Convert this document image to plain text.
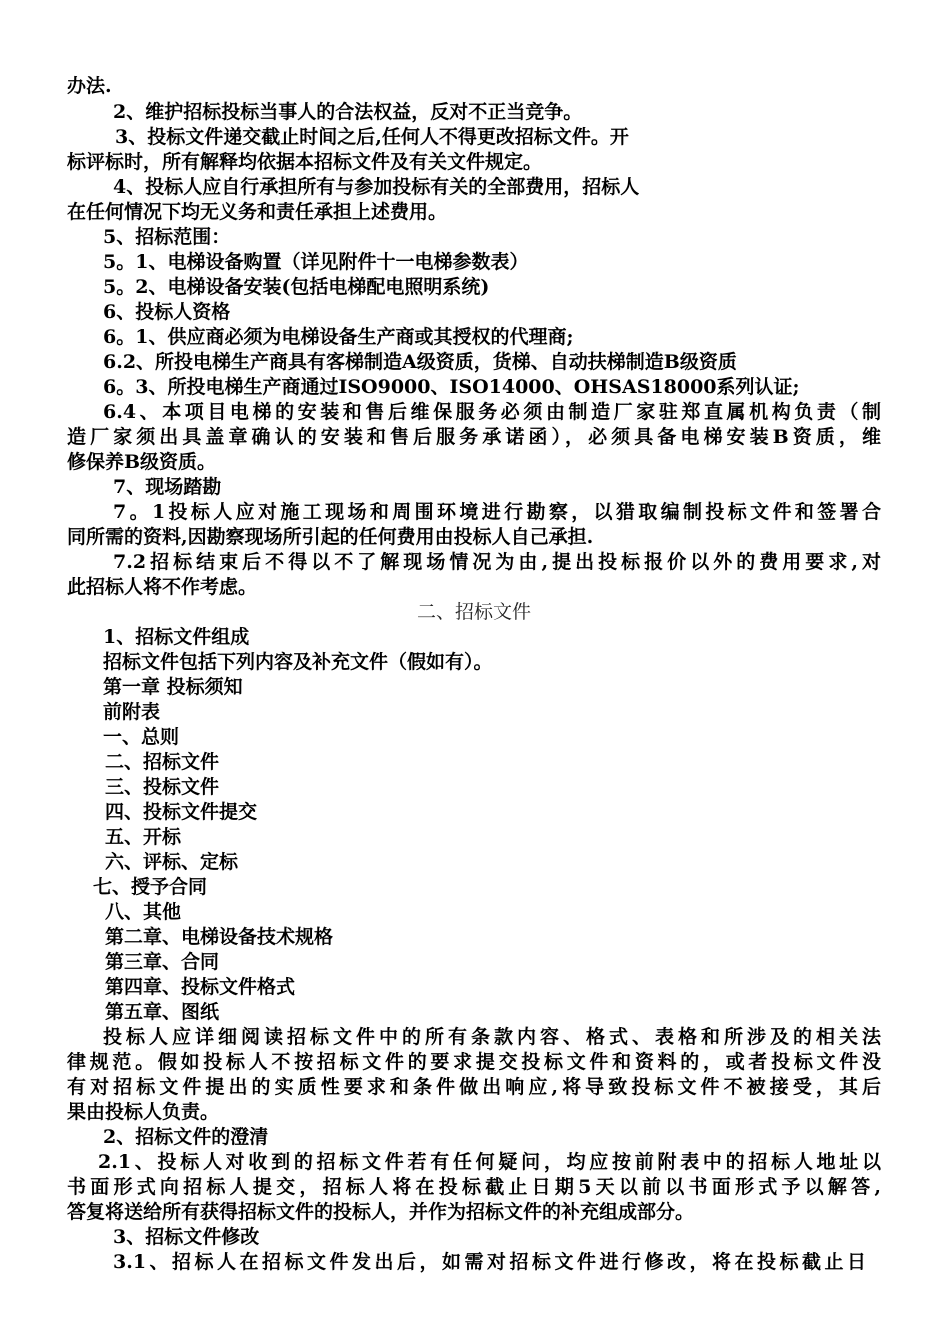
办法.
2、维护招标投标当事人的合法权益，反对不正当竞争。
3、投标文件递交截止时间之后,任何人不得更改招标文件。开
标评标时，所有解释均依据本招标文件及有关文件规定。
4、投标人应自行承担所有与参加投标有关的全部费用，招标人
在任何情况下均无义务和责任承担上述费用。
5、招标范围：
5。1、电梯设备购置（详见附件十一电梯参数表）
5。2、电梯设备安装(包括电梯配电照明系统)
6、投标人资格
6。1、供应商必须为电梯设备生产商或其授权的代理商;
6.2、所投电梯生产商具有客梯制造A级资质，货梯、自动扶梯制造B级资质
6。3、所投电梯生产商通过ISO9000、ISO14000、OHSAS18000系列认证;
6.4、本项目电梯的安装和售后维保服务必须由制造厂家驻郑直属机构负责（制
造厂家须出具盖章确认的安装和售后服务承诺函），必须具备电梯安装B资质，维
修保养B级资质。
7、现场踏勘
7。1投标人应对施工现场和周围环境进行勘察，以猎取编制投标文件和签署合
同所需的资料,因勘察现场所引起的任何费用由投标人自己承担.
7.2招标结束后不得以不了解现场情况为由,提出投标报价以外的费用要求,对
此招标人将不作考虑。
二、招标文件
1、招标文件组成
招标文件包括下列内容及补充文件（假如有）。
第一章 投标须知
前附表
一、总则
二、招标文件
三、投标文件
四、投标文件提交
五、开标
六、评标、定标
七、授予合同
八、其他
第二章、电梯设备技术规格
第三章、合同
第四章、投标文件格式
第五章、图纸
投标人应详细阅读招标文件中的所有条款内容、格式、表格和所涉及的相关法
律规范。假如投标人不按招标文件的要求提交投标文件和资料的，或者投标文件没
有对招标文件提出的实质性要求和条件做出响应,将导致投标文件不被接受，其后
果由投标人负责。
2、招标文件的澄清
2.1、投标人对收到的招标文件若有任何疑问，均应按前附表中的招标人地址以
书面形式向招标人提交，招标人将在投标截止日期5天以前以书面形式予以解答,
答复将送给所有获得招标文件的投标人，并作为招标文件的补充组成部分。
3、招标文件修改
3.1、招标人在招标文件发出后，如需对招标文件进行修改，将在投标截止日
